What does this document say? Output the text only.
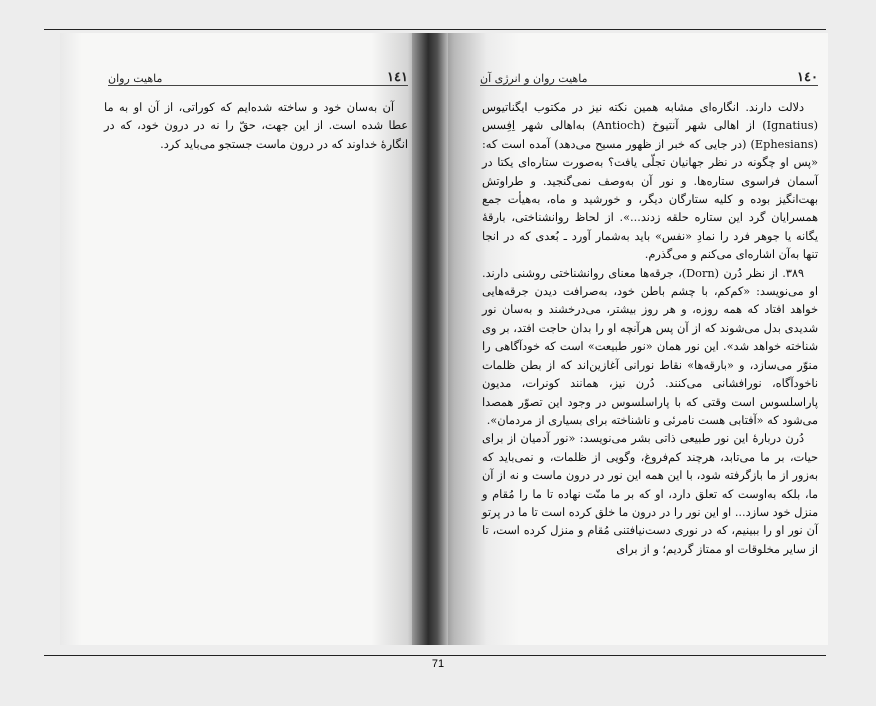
١٤١
ماهیت روان

آن به‌سان خود و ساخته شده‌ایم که کوراتی، از آن او به ما عطا شده است. از این جهت، حقّ را نه در درون خود، که در انگارهٔ خداوند که در درون ماست جستجو می‌باید کرد.

١٤٠
ماهیت روان و انرژی آن

دلالت دارند. انگاره‌ای مشابه همین نکته نیز در مکتوب ایگناتیوس (Ignatius) از اهالی شهر آنتیوخ (Antioch) به‌اهالی شهر اِفِسس (Ephesians) (در جایی که خبر از ظهور مسیح می‌دهد) آمده است که: «پس او چگونه در نظر جهانیان تجلّی یافت؟ به‌صورت ستاره‌ای یکتا در آسمان فراسوی ستاره‌ها. و نور آن به‌وصف نمی‌گنجید. و طراوتش بهت‌انگیز بوده و کلیه ستارگان دیگر، و خورشید و ماه، به‌هیأت جمع همسرایان گرد این ستاره حلقه زدند...». از لحاظ روانشناختی، بارقهٔ یگانه یا جوهر فرد را نمادِ «نفس» باید به‌شمار آورد ـ بُعدی که در انجا تنها به‌آن اشاره‌ای می‌کنم و می‌گذرم.

٣٨٩. از نظر دُرن (Dorn)، جرقه‌ها معنای روانشناختی روشنی دارند. او می‌نویسد: «کم‌کم، با چشم باطن خود، به‌صرافت دیدن جرقه‌هایی خواهد افتاد که همه روزه، و هر روز بیشتر، می‌درخشند و به‌سان نور شدیدی بدل می‌شوند که از آن پس هرآنچه او را بدان حاجت افتد، بر وی شناخته خواهد شد». این نور همان «نور طبیعت» است که خودآگاهی را منوّر می‌سازد، و «بارقه‌ها» نقاط نورانی آغازین‌اند که از بطن ظلمات ناخودآگاه، نورافشانی می‌کنند. دُرن نیز، همانند کونرات، مدیون پاراسلسوس است وقتی که با پاراسلسوس در وجود این تصوّر همصدا می‌شود که «آفتابی هست نامرئی و ناشناخته برای بسیاری از مردمان».

دُرن دربارهٔ این نور طبیعی ذاتی بشر می‌نویسد: «نور آدمیان از برای حیات، بر ما می‌تابد، هرچند کم‌فروغ، وگویی از ظلمات، و نمی‌باید که به‌زور از ما بازگرفته شود، با این همه این نور در درون ماست و نه از آن ما، بلکه به‌اوست که تعلق دارد، او که بر ما منّت نهاده تا ما را مُقام و منزل خود سازد... او این نور را در درون ما خلق کرده است تا ما در پرتو آن نور او را ببینیم، که در نوری دست‌نیافتنی مُقام و منزل کرده است، تا از سایر مخلوقات او ممتاز گردیم؛ و از برای

71
